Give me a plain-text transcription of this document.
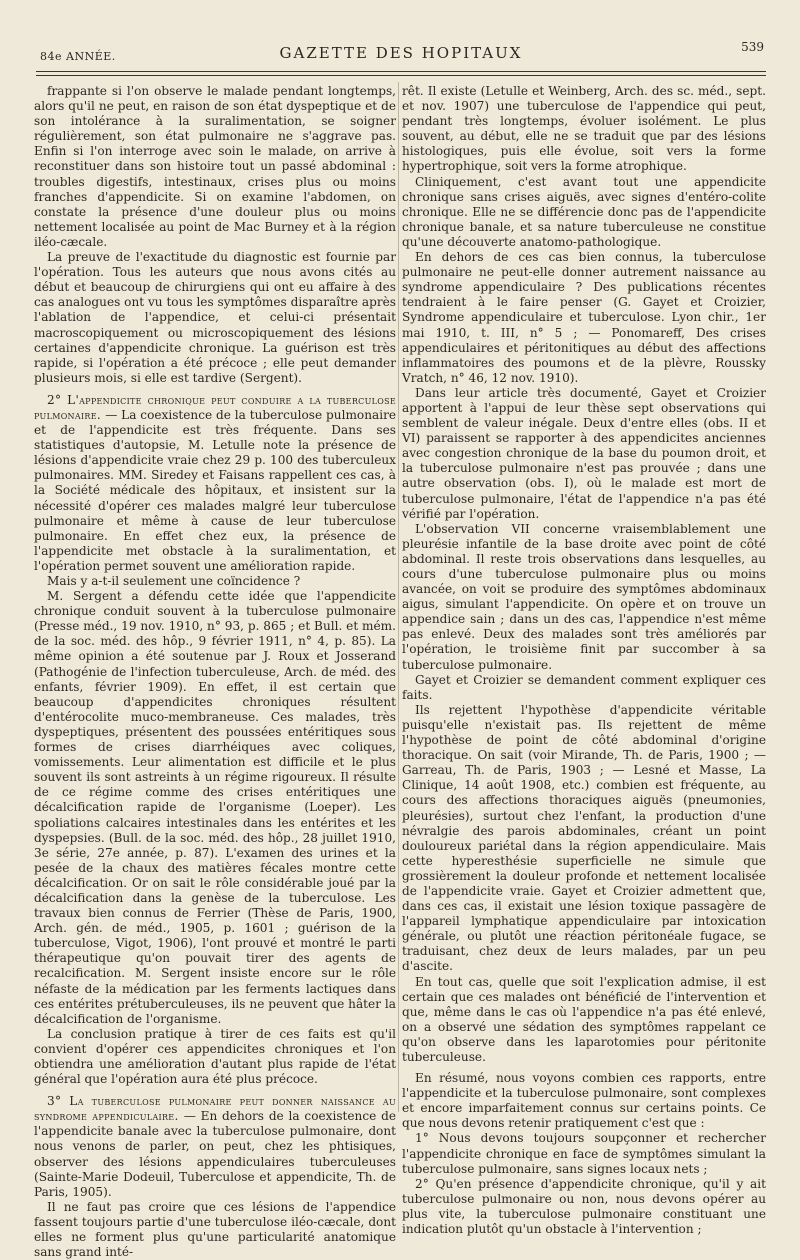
84e ANNÉE.	GAZETTE DES HOPITAUX	539

frappante si l'on observe le malade pendant longtemps, alors qu'il ne peut, en raison de son état dyspeptique et de son intolérance à la suralimentation, se soigner régulièrement, son état pulmonaire ne s'aggrave pas. Enfin si l'on interroge avec soin le malade, on arrive à reconstituer dans son histoire tout un passé abdominal : troubles digestifs, intestinaux, crises plus ou moins franches d'appendicite. Si on examine l'abdomen, on constate la présence d'une douleur plus ou moins nettement localisée au point de Mac Burney et à la région iléo-cæcale.

La preuve de l'exactitude du diagnostic est fournie par l'opération. Tous les auteurs que nous avons cités au début et beaucoup de chirurgiens qui ont eu affaire à des cas analogues ont vu tous les symptômes disparaître après l'ablation de l'appendice, et celui-ci présentait macroscopiquement ou microscopiquement des lésions certaines d'appendicite chronique. La guérison est très rapide, si l'opération a été précoce ; elle peut demander plusieurs mois, si elle est tardive (Sergent).

2° L'appendicite chronique peut conduire a la tuberculose pulmonaire. — La coexistence de la tuberculose pulmonaire et de l'appendicite est très fréquente. Dans ses statistiques d'autopsie, M. Letulle note la présence de lésions d'appendicite vraie chez 29 p. 100 des tuberculeux pulmonaires. MM. Siredey et Faisans rappellent ces cas, à la Société médicale des hôpitaux, et insistent sur la nécessité d'opérer ces malades malgré leur tuberculose pulmonaire et même à cause de leur tuberculose pulmonaire. En effet chez eux, la présence de l'appendicite met obstacle à la suralimentation, et l'opération permet souvent une amélioration rapide.

Mais y a-t-il seulement une coïncidence ?

M. Sergent a défendu cette idée que l'appendicite chronique conduit souvent à la tuberculose pulmonaire (Presse méd., 19 nov. 1910, n° 93, p. 865 ; et Bull. et mém. de la soc. méd. des hôp., 9 février 1911, n° 4, p. 85). La même opinion a été soutenue par J. Roux et Josserand (Pathogénie de l'infection tuberculeuse, Arch. de méd. des enfants, février 1909). En effet, il est certain que beaucoup d'appendicites chroniques résultent d'entérocolite muco-membraneuse. Ces malades, très dyspeptiques, présentent des poussées entéritiques sous formes de crises diarrhéiques avec coliques, vomissements. Leur alimentation est difficile et le plus souvent ils sont astreints à un régime rigoureux. Il résulte de ce régime comme des crises entéritiques une décalcification rapide de l'organisme (Loeper). Les spoliations calcaires intestinales dans les entérites et les dyspepsies. (Bull. de la soc. méd. des hôp., 28 juillet 1910, 3e série, 27e année, p. 87). L'examen des urines et la pesée de la chaux des matières fécales montre cette décalcification. Or on sait le rôle considérable joué par la décalcification dans la genèse de la tuberculose. Les travaux bien connus de Ferrier (Thèse de Paris, 1900, Arch. gén. de méd., 1905, p. 1601 ; guérison de la tuberculose, Vigot, 1906), l'ont prouvé et montré le parti thérapeutique qu'on pouvait tirer des agents de recalcification. M. Sergent insiste encore sur le rôle néfaste de la médication par les ferments lactiques dans ces entérites prétuberculeuses, ils ne peuvent que hâter la décalcification de l'organisme.

La conclusion pratique à tirer de ces faits est qu'il convient d'opérer ces appendicites chroniques et l'on obtiendra une amélioration d'autant plus rapide de l'état général que l'opération aura été plus précoce.

3° La tuberculose pulmonaire peut donner naissance au syndrome appendiculaire. — En dehors de la coexistence de l'appendicite banale avec la tuberculose pulmonaire, dont nous venons de parler, on peut, chez les phtisiques, observer des lésions appendiculaires tuberculeuses (Sainte-Marie Dodeuil, Tuberculose et appendicite, Th. de Paris, 1905).

Il ne faut pas croire que ces lésions de l'appendice fassent toujours partie d'une tuberculose iléo-cæcale, dont elles ne forment plus qu'une particularité anatomique sans grand inté-

rêt. Il existe (Letulle et Weinberg, Arch. des sc. méd., sept. et nov. 1907) une tuberculose de l'appendice qui peut, pendant très longtemps, évoluer isolément. Le plus souvent, au début, elle ne se traduit que par des lésions histologiques, puis elle évolue, soit vers la forme hypertrophique, soit vers la forme atrophique.

Cliniquement, c'est avant tout une appendicite chronique sans crises aiguës, avec signes d'entéro-colite chronique. Elle ne se différencie donc pas de l'appendicite chronique banale, et sa nature tuberculeuse ne constitue qu'une découverte anatomo-pathologique.

En dehors de ces cas bien connus, la tuberculose pulmonaire ne peut-elle donner autrement naissance au syndrome appendiculaire ? Des publications récentes tendraient à le faire penser (G. Gayet et Croizier, Syndrome appendiculaire et tuberculose. Lyon chir., 1er mai 1910, t. III, n° 5 ; — Ponomareff, Des crises appendiculaires et péritonitiques au début des affections inflammatoires des poumons et de la plèvre, Roussky Vratch, n° 46, 12 nov. 1910).

Dans leur article très documenté, Gayet et Croizier apportent à l'appui de leur thèse sept observations qui semblent de valeur inégale. Deux d'entre elles (obs. II et VI) paraissent se rapporter à des appendicites anciennes avec congestion chronique de la base du poumon droit, et la tuberculose pulmonaire n'est pas prouvée ; dans une autre observation (obs. I), où le malade est mort de tuberculose pulmonaire, l'état de l'appendice n'a pas été vérifié par l'opération.

L'observation VII concerne vraisemblablement une pleurésie infantile de la base droite avec point de côté abdominal. Il reste trois observations dans lesquelles, au cours d'une tuberculose pulmonaire plus ou moins avancée, on voit se produire des symptômes abdominaux aigus, simulant l'appendicite. On opère et on trouve un appendice sain ; dans un des cas, l'appendice n'est même pas enlevé. Deux des malades sont très améliorés par l'opération, le troisième finit par succomber à sa tuberculose pulmonaire.

Gayet et Croizier se demandent comment expliquer ces faits.

Ils rejettent l'hypothèse d'appendicite véritable puisqu'elle n'existait pas. Ils rejettent de même l'hypothèse de point de côté abdominal d'origine thoracique. On sait (voir Mirande, Th. de Paris, 1900 ; — Garreau, Th. de Paris, 1903 ; — Lesné et Masse, La Clinique, 14 août 1908, etc.) combien est fréquente, au cours des affections thoraciques aiguës (pneumonies, pleurésies), surtout chez l'enfant, la production d'une névralgie des parois abdominales, créant un point douloureux pariétal dans la région appendiculaire. Mais cette hyperesthésie superficielle ne simule que grossièrement la douleur profonde et nettement localisée de l'appendicite vraie. Gayet et Croizier admettent que, dans ces cas, il existait une lésion toxique passagère de l'appareil lymphatique appendiculaire par intoxication générale, ou plutôt une réaction péritonéale fugace, se traduisant, chez deux de leurs malades, par un peu d'ascite.

En tout cas, quelle que soit l'explication admise, il est certain que ces malades ont bénéficié de l'intervention et que, même dans le cas où l'appendice n'a pas été enlevé, on a observé une sédation des symptômes rappelant ce qu'on observe dans les laparotomies pour péritonite tuberculeuse.

En résumé, nous voyons combien ces rapports, entre l'appendicite et la tuberculose pulmonaire, sont complexes et encore imparfaitement connus sur certains points. Ce que nous devons retenir pratiquement c'est que :

1° Nous devons toujours soupçonner et rechercher l'appendicite chronique en face de symptômes simulant la tuberculose pulmonaire, sans signes locaux nets ;

2° Qu'en présence d'appendicite chronique, qu'il y ait tuberculose pulmonaire ou non, nous devons opérer au plus vite, la tuberculose pulmonaire constituant une indication plutôt qu'un obstacle à l'intervention ;
